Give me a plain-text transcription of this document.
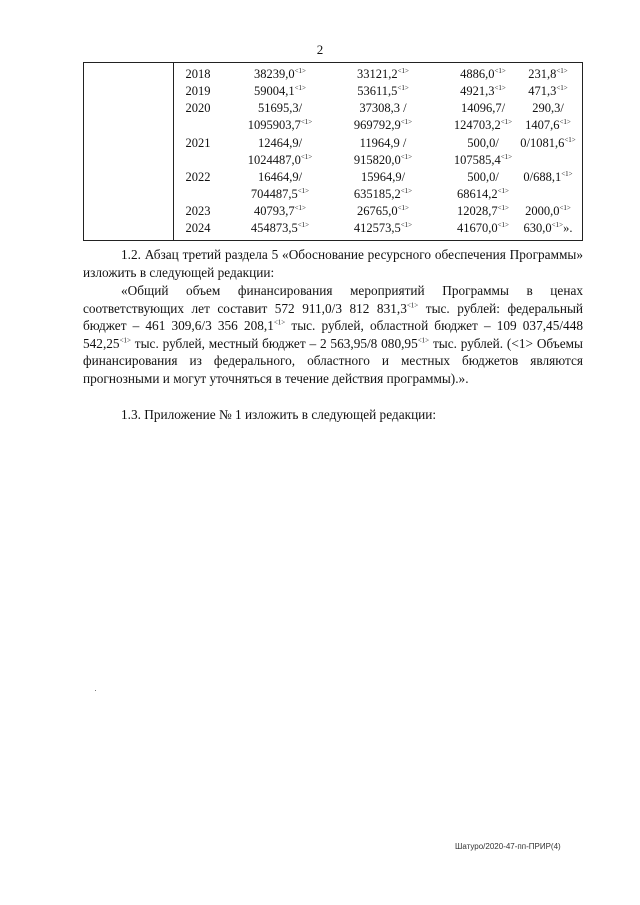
2
2018	38239,0$^{<1>}$	33121,2$^{<1>}$	4886,0$^{<1>}$	231,8$^{<1>}$
2019	59004,1$^{<1>}$	53611,5$^{<1>}$	4921,3$^{<1>}$	471,3$^{<1>}$
2020	51695,3/	37308,3 /	14096,7/	290,3/
1095903,7$^{<1>}$	969792,9$^{<1>}$	124703,2$^{<1>}$	1407,6$^{<1>}$
2021	12464,9/	11964,9 /	500,0/	0/1081,6$^{<1>}$
1024487,0$^{<1>}$	915820,0$^{<1>}$	107585,4$^{<1>}$
2022	16464,9/	15964,9/	500,0/	0/688,1$^{<1>}$
704487,5$^{<1>}$	635185,2$^{<1>}$	68614,2$^{<1>}$
2023	40793,7$^{<1>}$	26765,0$^{<1>}$	12028,7$^{<1>}$	2000,0$^{<1>}$
2024	454873,5$^{<1>}$	412573,5$^{<1>}$	41670,0$^{<1>}$	630,0$^{<1>}$».

1.2. Абзац третий раздела 5 «Обоснование ресурсного обеспечения Программы» изложить в следующей редакции:

«Общий объем финансирования мероприятий Программы в ценах соответствующих лет составит 572 911,0/3 812 831,3$^{<1>}$ тыс. рублей: федеральный бюджет – 461 309,6/3 356 208,1$^{<1>}$ тыс. рублей, областной бюджет – 109 037,45/448 542,25$^{<1>}$ тыс. рублей, местный бюджет – 2 563,95/8 080,95$^{<1>}$ тыс. рублей. (<1> Объемы финансирования из федерального, областного и местных бюджетов являются прогнозными и могут уточняться в течение действия программы).».

1.3. Приложение № 1 изложить в следующей редакции:

Шатуро/2020-47-пп-ПРИР(4)
